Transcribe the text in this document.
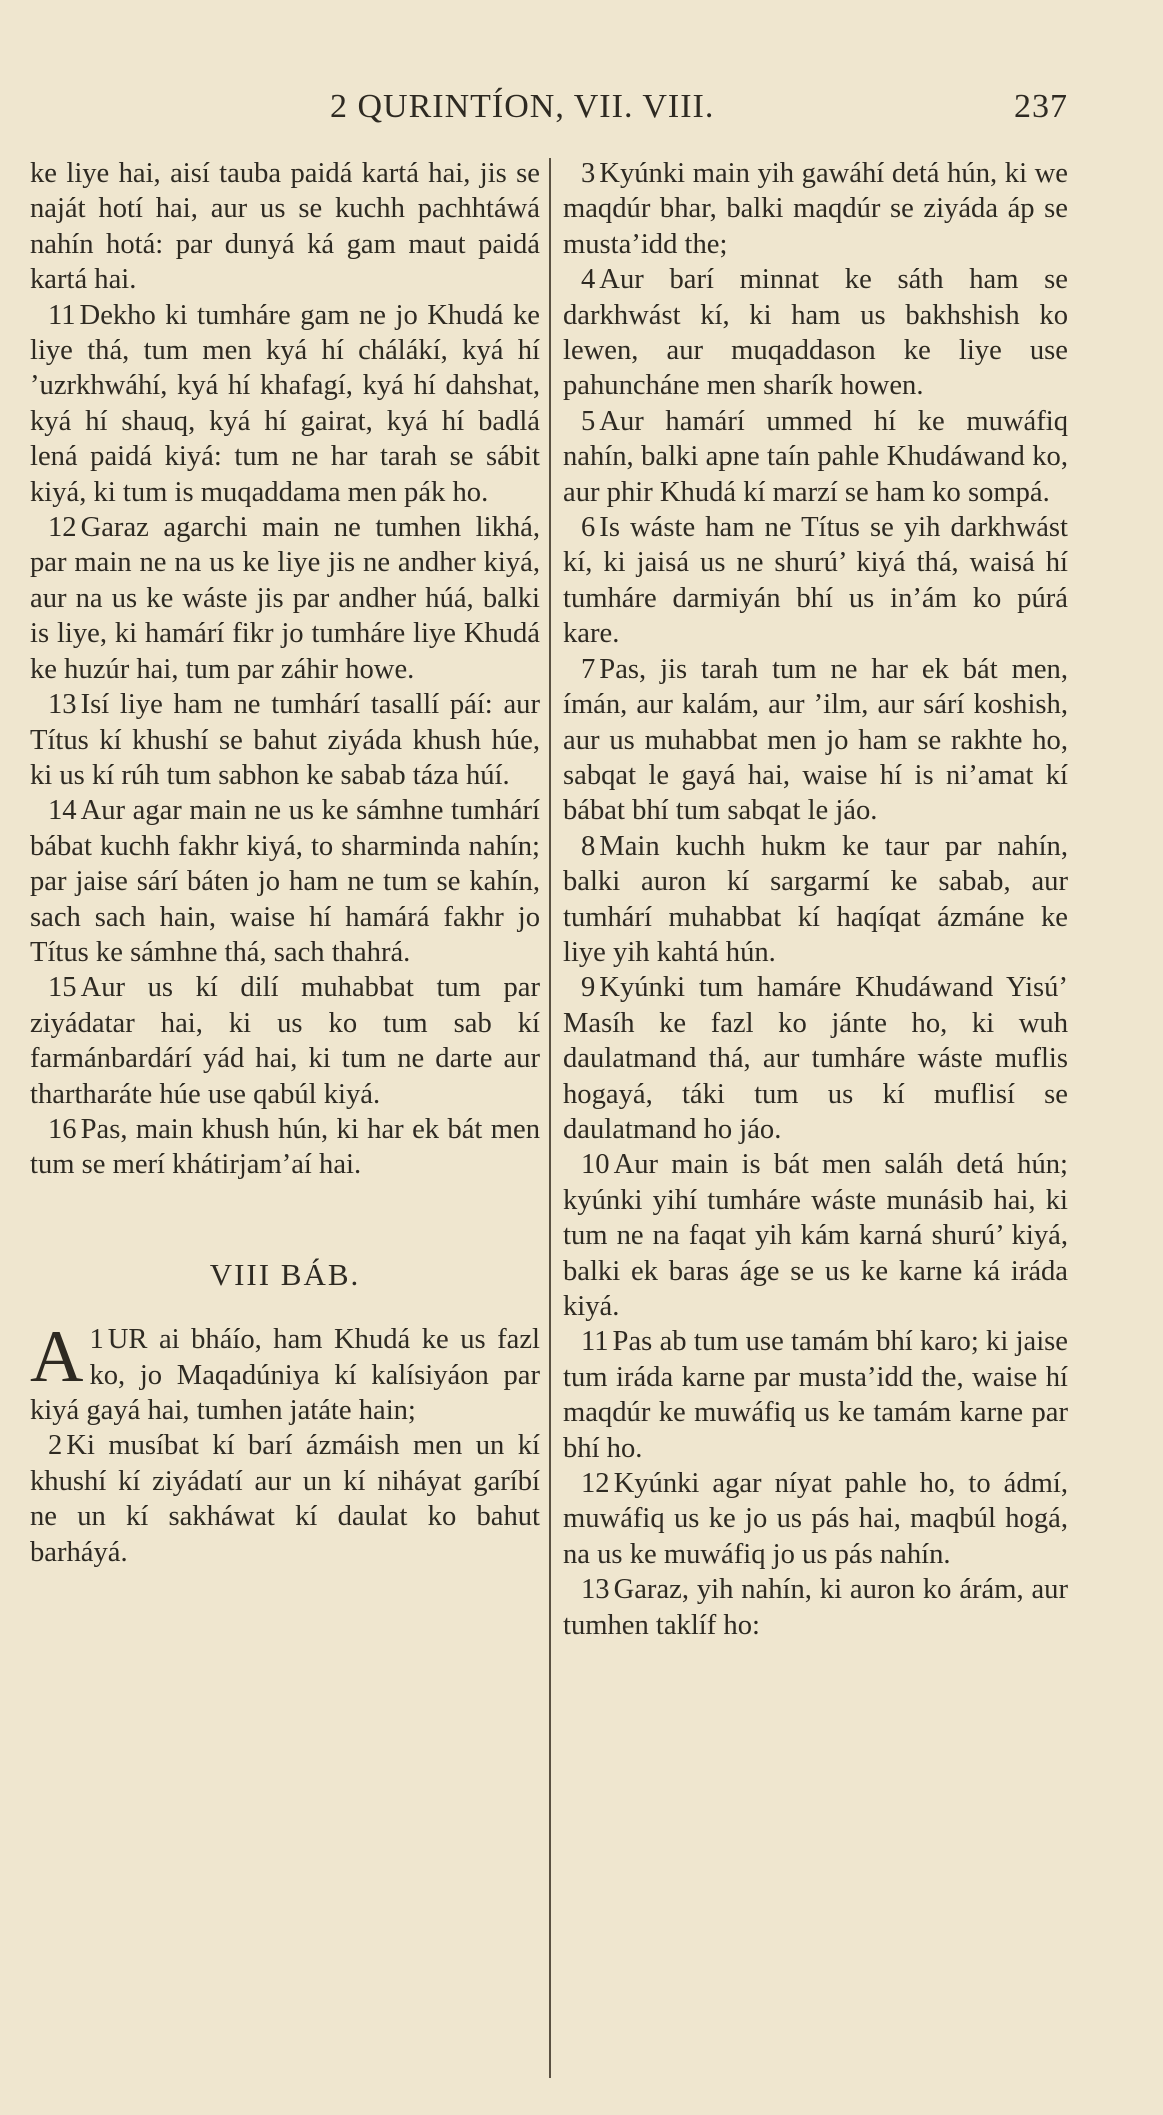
2 QURINTÍON, VII. VIII.	237

ke liye hai, aisí tauba paidá kartá hai, jis se naját hotí hai, aur us se kuchh pachhtáwá nahín hotá: par dunyá ká gam maut paidá kartá hai.

11 Dekho ki tumháre gam ne jo Khudá ke liye thá, tum men kyá hí chálákí, kyá hí ’uzrkhwáhí, kyá hí khafagí, kyá hí dahshat, kyá hí shauq, kyá hí gairat, kyá hí badlá lená paidá kiyá: tum ne har tarah se sábit kiyá, ki tum is muqaddama men pák ho.

12 Garaz agarchi main ne tumhen likhá, par main ne na us ke liye jis ne andher kiyá, aur na us ke wáste jis par andher húá, balki is liye, ki hamárí fikr jo tumháre liye Khudá ke huzúr hai, tum par záhir howe.

13 Isí liye ham ne tumhárí tasallí páí: aur Títus kí khushí se bahut ziyáda khush húe, ki us kí rúh tum sabhon ke sabab táza húí.

14 Aur agar main ne us ke sámhne tumhárí bábat kuchh fakhr kiyá, to sharminda nahín; par jaise sárí báten jo ham ne tum se kahín, sach sach hain, waise hí hamárá fakhr jo Títus ke sámhne thá, sach thahrá.

15 Aur us kí dilí muhabbat tum par ziyádatar hai, ki us ko tum sab kí farmánbardárí yád hai, ki tum ne darte aur thartharáte húe use qabúl kiyá.

16 Pas, main khush hún, ki har ek bát men tum se merí khátirjam’aí hai.

VIII BÁB.

1
A UR ai bháío, ham Khudá ke us fazl ko, jo Maqadúniya kí kalísiyáon par kiyá gayá hai, tumhen jatáte hain;

2 Ki musíbat kí barí ázmáish men un kí khushí kí ziyádatí aur un kí niháyat garíbí ne un kí sakháwat kí daulat ko bahut barháyá.

3 Kyúnki main yih gawáhí detá hún, ki we maqdúr bhar, balki maqdúr se ziyáda áp se musta’idd the;

4 Aur barí minnat ke sáth ham se darkhwást kí, ki ham us bakhshish ko lewen, aur muqaddason ke liye use pahuncháne men sharík howen.

5 Aur hamárí ummed hí ke muwáfiq nahín, balki apne taín pahle Khudáwand ko, aur phir Khudá kí marzí se ham ko sompá.

6 Is wáste ham ne Títus se yih darkhwást kí, ki jaisá us ne shurú’ kiyá thá, waisá hí tumháre darmiyán bhí us in’ám ko púrá kare.

7 Pas, jis tarah tum ne har ek bát men, ímán, aur kalám, aur ’ilm, aur sárí koshish, aur us muhabbat men jo ham se rakhte ho, sabqat le gayá hai, waise hí is ni’amat kí bábat bhí tum sabqat le jáo.

8 Main kuchh hukm ke taur par nahín, balki auron kí sargarmí ke sabab, aur tumhárí muhabbat kí haqíqat ázmáne ke liye yih kahtá hún.

9 Kyúnki tum hamáre Khudáwand Yisú’ Masíh ke fazl ko jánte ho, ki wuh daulatmand thá, aur tumháre wáste muflis hogayá, táki tum us kí muflisí se daulatmand ho jáo.

10 Aur main is bát men saláh detá hún; kyúnki yihí tumháre wáste munásib hai, ki tum ne na faqat yih kám karná shurú’ kiyá, balki ek baras áge se us ke karne ká iráda kiyá.

11 Pas ab tum use tamám bhí karo; ki jaise tum iráda karne par musta’idd the, waise hí maqdúr ke muwáfiq us ke tamám karne par bhí ho.

12 Kyúnki agar níyat pahle ho, to ádmí, muwáfiq us ke jo us pás hai, maqbúl hogá, na us ke muwáfiq jo us pás nahín.

13 Garaz, yih nahín, ki auron ko árám, aur tumhen taklíf ho:
